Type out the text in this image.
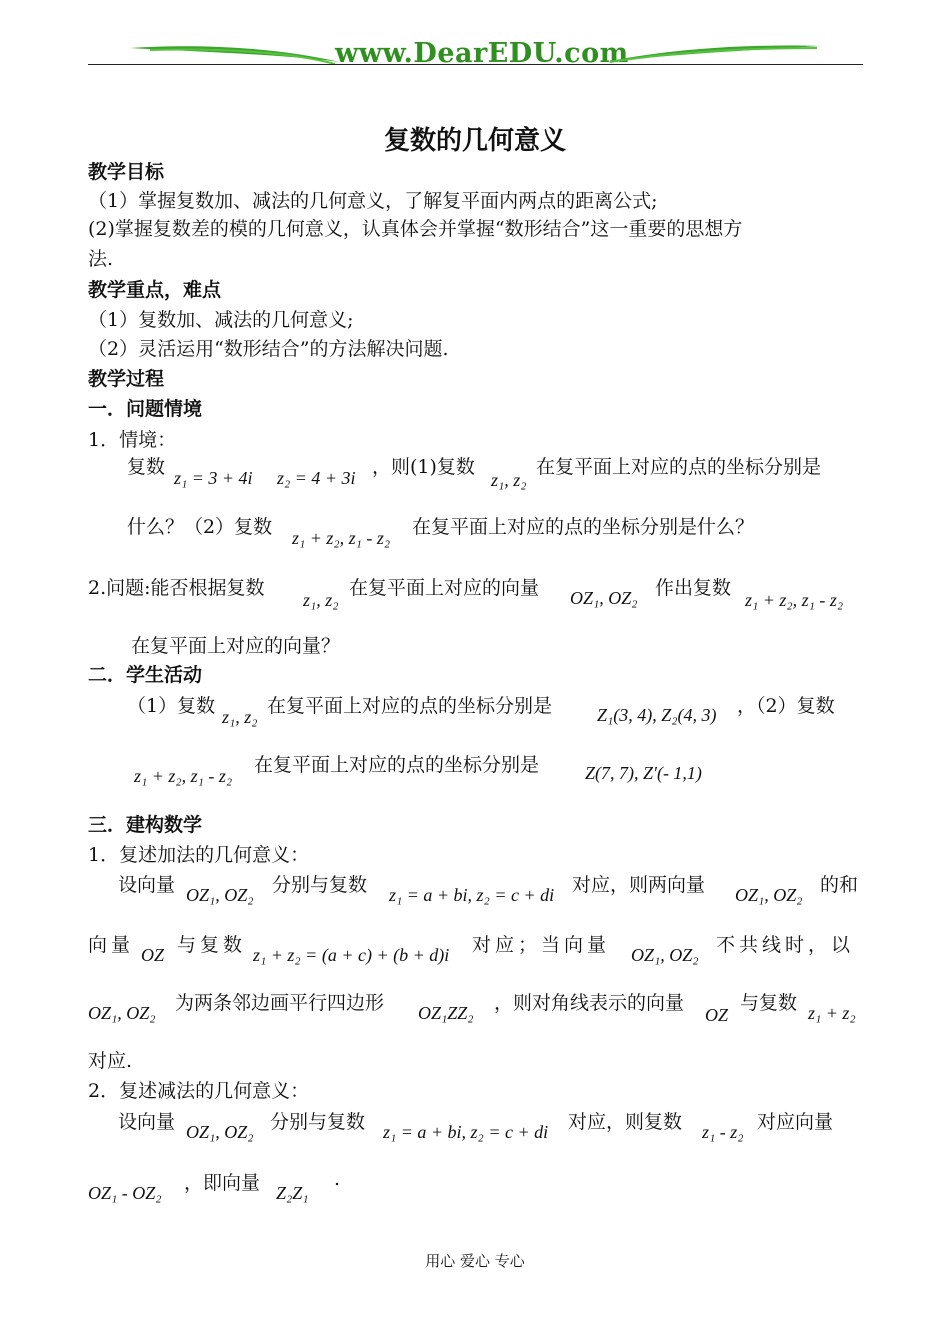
www.DearEDU.com
复数的几何意义
教学目标
（1）掌握复数加、减法的几何意义，了解复平面内两点的距离公式;
(2)掌握复数差的模的几何意义，认真体会并掌握“数形结合”这一重要的思想方
法.
教学重点，难点
（1）复数加、减法的几何意义;
（2）灵活运用“数形结合”的方法解决问题.
教学过程
一．问题情境
1．情境：
复数 z₁ = 3 + 4i z₂ = 4 + 3i ，则(1)复数
z₁, z₂
在复平面上对应的点的坐标分别是
什么？（2）复数 z₁ + z₂, z₁ - z₂ 在复平面上对应的点的坐标分别是什么？
2.问题:能否根据复数
z₁, z₂
在复平面上对应的向量 OZ₁, OZ₂ 作出复数
z₁ + z₂, z₁ - z₂
在复平面上对应的向量？
二．学生活动
（1）复数 z₁, z₂ 在复平面上对应的点的坐标分别是 Z₁(3, 4), Z₂(4, 3) ，（2）复数
z₁ + z₂, z₁ - z₂ 在复平面上对应的点的坐标分别是	Z(7, 7), Z′(- 1,1)
三．建构数学
1．复述加法的几何意义：
设向量 OZ₁, OZ₂ 分别与复数 z₁ = a + bi, z₂ = c + di 对应，则两向量 OZ₁, OZ₂ 的和
向量 OZ 与复数 z₁ + z₂ = (a + c) + (b + d)i 对应；当向量 OZ₁, OZ₂ 不共线时，以
OZ₁, OZ₂ 为两条邻边画平行四边形 OZ₁ZZ₂ ，则对角线表示的向量
OZ
与复数 z₁ + z₂
对应.
2．复述减法的几何意义：
设向量 OZ₁, OZ₂ 分别与复数 z₁ = a + bi, z₂ = c + di 对应，则复数 z₁ - z₂ 对应向量
OZ₁ - OZ₂ ，即向量 Z₂Z₁
.
用心 爱心 专心
